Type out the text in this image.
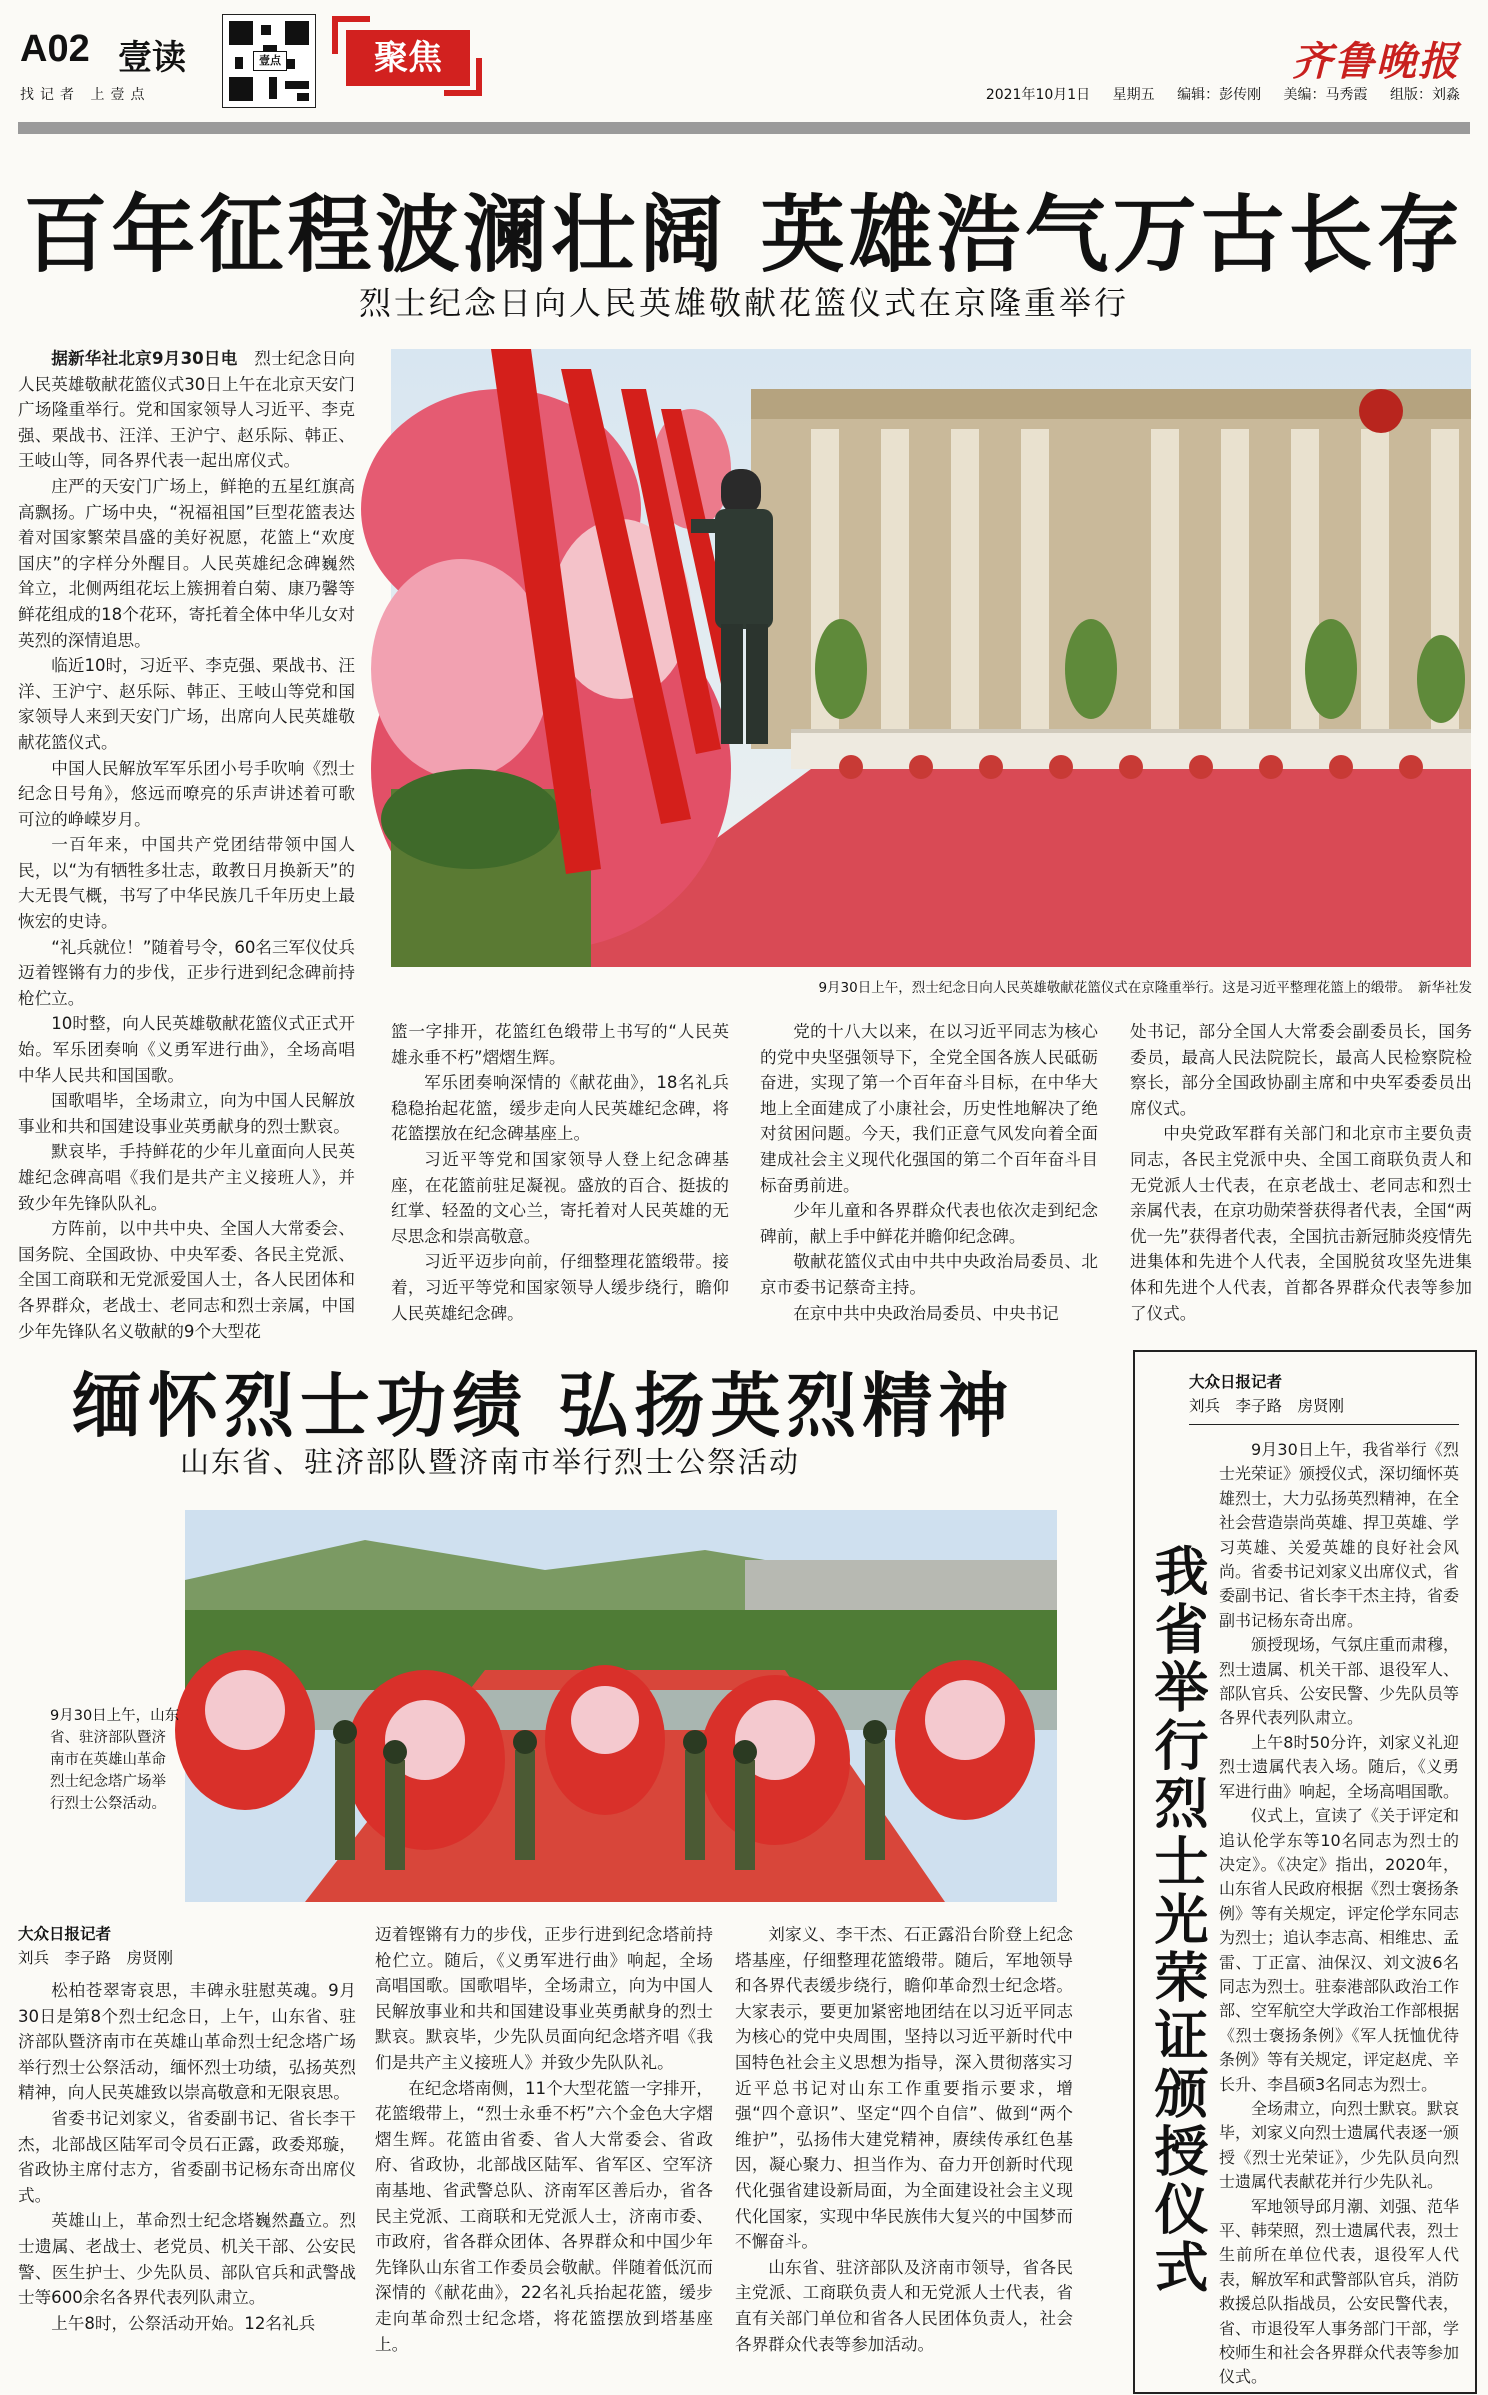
A02 壹读
找记者 上壹点
壹点	聚焦	齐鲁晚报
2021年10月1日 星期五 编辑：彭传刚 美编：马秀霞 组版：刘淼
百年征程波澜壮阔 英雄浩气万古长存
烈士纪念日向人民英雄敬献花篮仪式在京隆重举行

据新华社北京9月30日电　 烈士纪念日向人民英雄敬献花篮仪式30日上午在北京天安门广场隆重举行。党和国家领导人习近平、李克强、栗战书、汪洋、王沪宁、赵乐际、韩正、王岐山等，同各界代表一起出席仪式。

庄严的天安门广场上，鲜艳的五星红旗高高飘扬。广场中央，“祝福祖国”巨型花篮表达着对国家繁荣昌盛的美好祝愿，花篮上“欢度国庆”的字样分外醒目。人民英雄纪念碑巍然耸立，北侧两组花坛上簇拥着白菊、康乃馨等鲜花组成的18个花环，寄托着全体中华儿女对英烈的深情追思。

临近10时，习近平、李克强、栗战书、汪洋、王沪宁、赵乐际、韩正、王岐山等党和国家领导人来到天安门广场，出席向人民英雄敬献花篮仪式。

中国人民解放军军乐团小号手吹响《烈士纪念日号角》，悠远而嘹亮的乐声讲述着可歌可泣的峥嵘岁月。

一百年来，中国共产党团结带领中国人民，以“为有牺牲多壮志，敢教日月换新天”的大无畏气概，书写了中华民族几千年历史上最恢宏的史诗。

“礼兵就位！”随着号令，60名三军仪仗兵迈着铿锵有力的步伐，正步行进到纪念碑前持枪伫立。

10时整，向人民英雄敬献花篮仪式正式开始。军乐团奏响《义勇军进行曲》，全场高唱中华人民共和国国歌。

国歌唱毕，全场肃立，向为中国人民解放事业和共和国建设事业英勇献身的烈士默哀。

默哀毕，手持鲜花的少年儿童面向人民英雄纪念碑高唱《我们是共产主义接班人》，并致少年先锋队队礼。

方阵前，以中共中央、全国人大常委会、国务院、全国政协、中央军委、各民主党派、全国工商联和无党派爱国人士，各人民团体和各界群众，老战士、老同志和烈士亲属，中国少年先锋队名义敬献的9个大型花

9月30日上午，烈士纪念日向人民英雄敬献花篮仪式在京隆重举行。这是习近平整理花篮上的缎带。　新华社发

篮一字排开，花篮红色缎带上书写的“人民英雄永垂不朽”熠熠生辉。

军乐团奏响深情的《献花曲》，18名礼兵稳稳抬起花篮，缓步走向人民英雄纪念碑，将花篮摆放在纪念碑基座上。

习近平等党和国家领导人登上纪念碑基座，在花篮前驻足凝视。盛放的百合、挺拔的红掌、轻盈的文心兰，寄托着对人民英雄的无尽思念和崇高敬意。

习近平迈步向前，仔细整理花篮缎带。接着，习近平等党和国家领导人缓步绕行，瞻仰人民英雄纪念碑。

党的十八大以来，在以习近平同志为核心的党中央坚强领导下，全党全国各族人民砥砺奋进，实现了第一个百年奋斗目标，在中华大地上全面建成了小康社会，历史性地解决了绝对贫困问题。今天，我们正意气风发向着全面建成社会主义现代化强国的第二个百年奋斗目标奋勇前进。

少年儿童和各界群众代表也依次走到纪念碑前，献上手中鲜花并瞻仰纪念碑。

敬献花篮仪式由中共中央政治局委员、北京市委书记蔡奇主持。

在京中共中央政治局委员、中央书记

处书记，部分全国人大常委会副委员长，国务委员，最高人民法院院长，最高人民检察院检察长，部分全国政协副主席和中央军委委员出席仪式。

中央党政军群有关部门和北京市主要负责同志，各民主党派中央、全国工商联负责人和无党派人士代表，在京老战士、老同志和烈士亲属代表，在京功勋荣誉获得者代表，全国“两优一先”获得者代表，全国抗击新冠肺炎疫情先进集体和先进个人代表，全国脱贫攻坚先进集体和先进个人代表，首都各界群众代表等参加了仪式。

缅怀烈士功绩 弘扬英烈精神
山东省、驻济部队暨济南市举行烈士公祭活动
9月30日上午，山东省、驻济部队暨济南市在英雄山革命烈士纪念塔广场举行烈士公祭活动。
大众日报记者
刘兵　李子路　房贤刚

松柏苍翠寄哀思，丰碑永驻慰英魂。9月30日是第8个烈士纪念日，上午，山东省、驻济部队暨济南市在英雄山革命烈士纪念塔广场举行烈士公祭活动，缅怀烈士功绩，弘扬英烈精神，向人民英雄致以崇高敬意和无限哀思。

省委书记刘家义，省委副书记、省长李干杰，北部战区陆军司令员石正露，政委郑璇，省政协主席付志方，省委副书记杨东奇出席仪式。

英雄山上，革命烈士纪念塔巍然矗立。烈士遗属、老战士、老党员、机关干部、公安民警、医生护士、少先队员、部队官兵和武警战士等600余名各界代表列队肃立。

上午8时，公祭活动开始。12名礼兵

迈着铿锵有力的步伐，正步行进到纪念塔前持枪伫立。随后，《义勇军进行曲》响起，全场高唱国歌。国歌唱毕，全场肃立，向为中国人民解放事业和共和国建设事业英勇献身的烈士默哀。默哀毕，少先队员面向纪念塔齐唱《我们是共产主义接班人》并致少先队队礼。

在纪念塔南侧，11个大型花篮一字排开，花篮缎带上，“烈士永垂不朽”六个金色大字熠熠生辉。花篮由省委、省人大常委会、省政府、省政协，北部战区陆军、省军区、空军济南基地、省武警总队、济南军区善后办，省各民主党派、工商联和无党派人士，济南市委、市政府，省各群众团体、各界群众和中国少年先锋队山东省工作委员会敬献。伴随着低沉而深情的《献花曲》，22名礼兵抬起花篮，缓步走向革命烈士纪念塔，将花篮摆放到塔基座上。

刘家义、李干杰、石正露沿台阶登上纪念塔基座，仔细整理花篮缎带。随后，军地领导和各界代表缓步绕行，瞻仰革命烈士纪念塔。大家表示，要更加紧密地团结在以习近平同志为核心的党中央周围，坚持以习近平新时代中国特色社会主义思想为指导，深入贯彻落实习近平总书记对山东工作重要指示要求，增强“四个意识”、坚定“四个自信”、做到“两个维护”，弘扬伟大建党精神，赓续传承红色基因，凝心聚力、担当作为、奋力开创新时代现代化强省建设新局面，为全面建设社会主义现代化国家，实现中华民族伟大复兴的中国梦而不懈奋斗。

山东省、驻济部队及济南市领导，省各民主党派、工商联负责人和无党派人士代表，省直有关部门单位和省各人民团体负责人，社会各界群众代表等参加活动。

我省举行烈士光荣证颁授仪式
大众日报记者
刘兵　李子路　房贤刚

9月30日上午，我省举行《烈士光荣证》颁授仪式，深切缅怀英雄烈士，大力弘扬英烈精神，在全社会营造崇尚英雄、捍卫英雄、学习英雄、关爱英雄的良好社会风尚。省委书记刘家义出席仪式，省委副书记、省长李干杰主持，省委副书记杨东奇出席。

颁授现场，气氛庄重而肃穆，烈士遗属、机关干部、退役军人、部队官兵、公安民警、少先队员等各界代表列队肃立。

上午8时50分许，刘家义礼迎烈士遗属代表入场。随后，《义勇军进行曲》响起，全场高唱国歌。

仪式上，宣读了《关于评定和追认伦学东等10名同志为烈士的决定》。《决定》指出，2020年，山东省人民政府根据《烈士褒扬条例》等有关规定，评定伦学东同志为烈士；追认李志高、相维忠、孟雷、丁正富、油保汉、刘文波6名同志为烈士。驻泰港部队政治工作部、空军航空大学政治工作部根据《烈士褒扬条例》《军人抚恤优待条例》等有关规定，评定赵虎、辛长升、李昌硕3名同志为烈士。

全场肃立，向烈士默哀。默哀毕，刘家义向烈士遗属代表逐一颁授《烈士光荣证》，少先队员向烈士遗属代表献花并行少先队礼。

军地领导邱月潮、刘强、范华平、韩荣照，烈士遗属代表，烈士生前所在单位代表，退役军人代表，解放军和武警部队官兵，消防救援总队指战员，公安民警代表，省、市退役军人事务部门干部，学校师生和社会各界群众代表等参加仪式。
